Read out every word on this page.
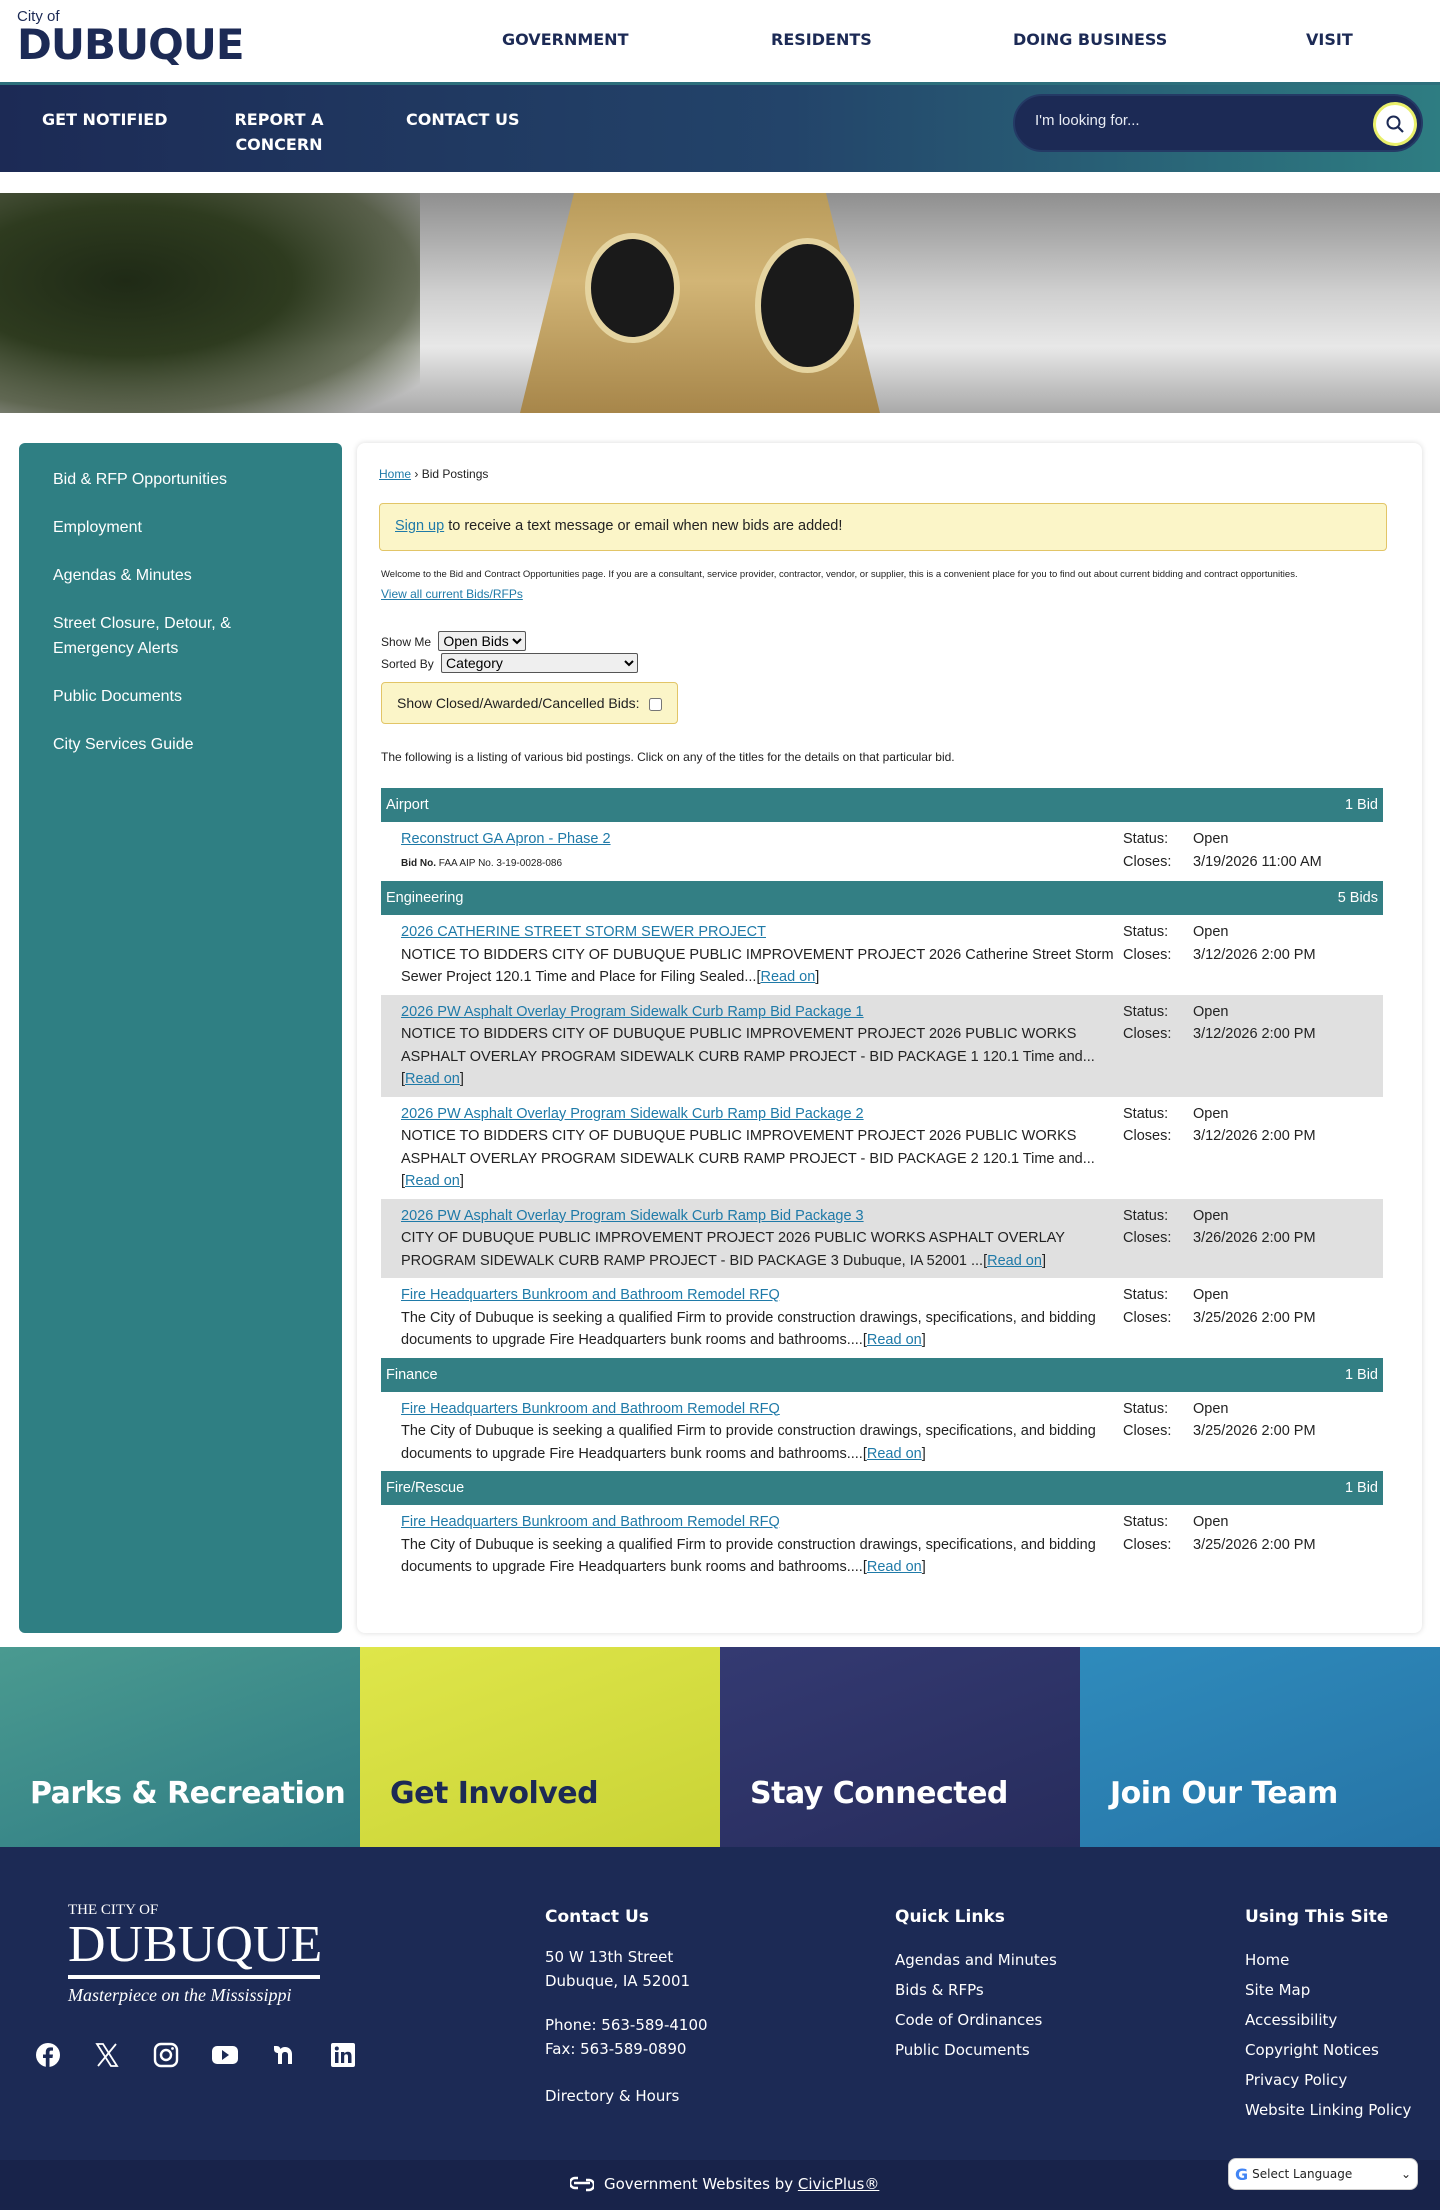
City of
DUBUQUE	GOVERNMENT	RESIDENTS	DOING BUSINESS	VISIT
GET NOTIFIED	REPORT A CONCERN
CONTACT US
I'm looking for...
Bid & RFP Opportunities
Employment
Agendas & Minutes
Street Closure, Detour, & Emergency Alerts
Public Documents
City Services Guide
Home › Bid Postings
Sign up to receive a text message or email when new bids are added!

Welcome to the Bid and Contract Opportunities page. If you are a consultant, service provider, contractor, vendor, or supplier, this is a convenient place for you to find out about current bidding and contract opportunities.

View all current Bids/RFPs
Show Me
Open Bids
Sorted By
Category
Show Closed/Awarded/Cancelled Bids:

The following is a listing of various bid postings. Click on any of the titles for the details on that particular bid.

Airport	1 Bid
Reconstruct GA Apron - Phase 2
Bid No. FAA AIP No. 3-19-0028-086	Status: Open
Closes: 3/19/2026 11:00 AM
Engineering	5 Bids
2026 CATHERINE STREET STORM SEWER PROJECT
NOTICE TO BIDDERS CITY OF DUBUQUE PUBLIC IMPROVEMENT PROJECT 2026 Catherine Street Storm Sewer Project 120.1 Time and Place for Filing Sealed...[Read on]	Status: Open
Closes: 3/12/2026 2:00 PM
2026 PW Asphalt Overlay Program Sidewalk Curb Ramp Bid Package 1
NOTICE TO BIDDERS CITY OF DUBUQUE PUBLIC IMPROVEMENT PROJECT 2026 PUBLIC WORKS ASPHALT OVERLAY PROGRAM SIDEWALK CURB RAMP PROJECT - BID PACKAGE 1 120.1 Time and...[Read on]	Status: Open
Closes: 3/12/2026 2:00 PM
2026 PW Asphalt Overlay Program Sidewalk Curb Ramp Bid Package 2
NOTICE TO BIDDERS CITY OF DUBUQUE PUBLIC IMPROVEMENT PROJECT 2026 PUBLIC WORKS ASPHALT OVERLAY PROGRAM SIDEWALK CURB RAMP PROJECT - BID PACKAGE 2 120.1 Time and...[Read on]	Status: Open
Closes: 3/12/2026 2:00 PM
2026 PW Asphalt Overlay Program Sidewalk Curb Ramp Bid Package 3
CITY OF DUBUQUE PUBLIC IMPROVEMENT PROJECT 2026 PUBLIC WORKS ASPHALT OVERLAY PROGRAM SIDEWALK CURB RAMP PROJECT - BID PACKAGE 3 Dubuque, IA 52001 ...[Read on]	Status: Open
Closes: 3/26/2026 2:00 PM
Fire Headquarters Bunkroom and Bathroom Remodel RFQ
The City of Dubuque is seeking a qualified Firm to provide construction drawings, specifications, and bidding documents to upgrade Fire Headquarters bunk rooms and bathrooms....[Read on]	Status: Open
Closes: 3/25/2026 2:00 PM
Finance	1 Bid
Fire Headquarters Bunkroom and Bathroom Remodel RFQ
The City of Dubuque is seeking a qualified Firm to provide construction drawings, specifications, and bidding documents to upgrade Fire Headquarters bunk rooms and bathrooms....[Read on]	Status: Open
Closes: 3/25/2026 2:00 PM
Fire/Rescue	1 Bid
Fire Headquarters Bunkroom and Bathroom Remodel RFQ
The City of Dubuque is seeking a qualified Firm to provide construction drawings, specifications, and bidding documents to upgrade Fire Headquarters bunk rooms and bathrooms....[Read on]	Status: Open
Closes: 3/25/2026 2:00 PM
Parks & Recreation Get Involved	Stay Connected	Join Our Team
THE CITY OF
DUBUQUE
Masterpiece on the Mississippi
Contact Us

50 W 13th Street

Dubuque, IA 52001

Phone: 563-589-4100

Fax: 563-589-0890

Directory & Hours
Quick Links
Agendas and Minutes
Bids & RFPs
Code of Ordinances
Public Documents
Using This Site
Home
Site Map
Accessibility
Copyright Notices
Privacy Policy
Website Linking Policy
Government Websites by CivicPlus®
G Select Language	⌄
